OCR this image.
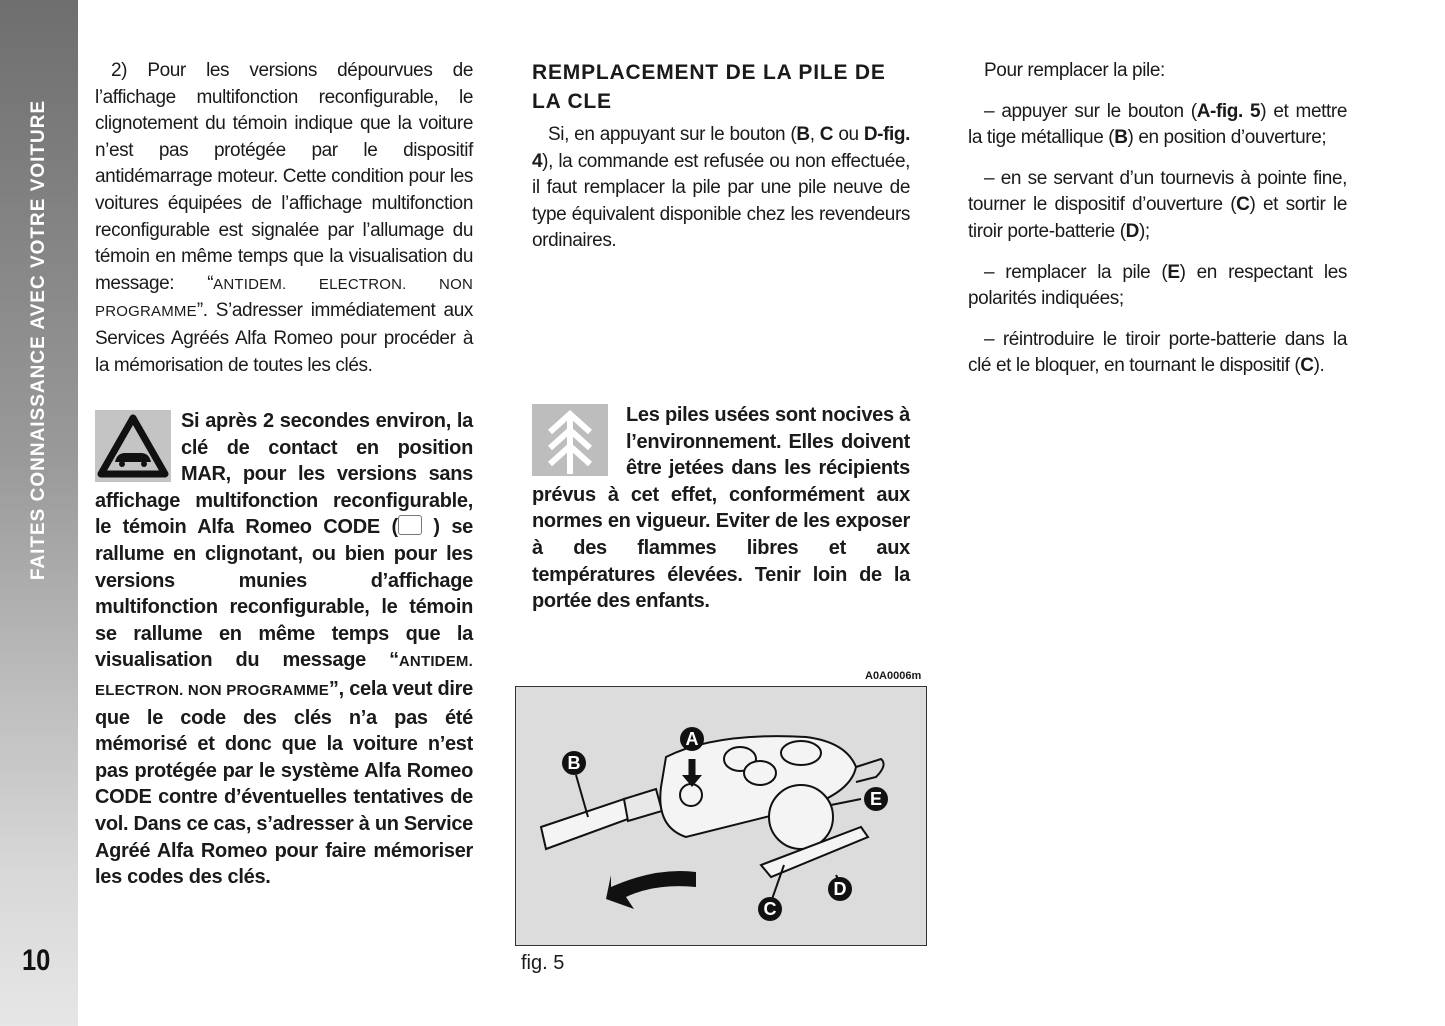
FAITES CONNAISSANCE AVEC VOTRE VOITURE
10

2) Pour les versions dépourvues de l’affichage multifonction reconfigurable, le clignotement du témoin indique que la voiture n’est pas protégée par le dispositif antidémarrage moteur. Cette condition pour les voitures équipées de l’affichage multifonction reconfigurable est signalée par l’allumage du témoin en même temps que la visualisation du message: “ANTIDEM. ELECTRON. NON PROGRAMME”. S’adresser immédiatement aux Services Agréés Alfa Romeo pour procéder à la mémorisation de toutes les clés.

Si après 2 secondes environ, la clé de contact en position MAR, pour les versions sans affichage multifonction reconfigurable, le témoin Alfa Romeo CODE ( ) se rallume en clignotant, ou bien pour les versions munies d’affichage multifonction reconfigurable, le témoin se rallume en même temps que la visualisation du message “ANTIDEM. ELECTRON. NON PROGRAMME”, cela veut dire que le code des clés n’a pas été mémorisé et donc que la voiture n’est pas protégée par le système Alfa Romeo CODE contre d’éventuelles tentatives de vol. Dans ce cas, s’adresser à un Service Agréé Alfa Romeo pour faire mémoriser les codes des clés.

REMPLACEMENT DE LA PILE DE LA CLE

Si, en appuyant sur le bouton (B, C ou D-fig. 4), la commande est refusée ou non effectuée, il faut remplacer la pile par une pile neuve de type équivalent disponible chez les revendeurs ordinaires.

Les piles usées sont nocives à l’environnement. Elles doivent être jetées dans les récipients prévus à cet effet, conformément aux normes en vigueur. Eviter de les exposer à des flammes libres et aux températures élevées. Tenir loin de la portée des enfants.
A0A0006m
A
B
C
D
E
fig. 5

Pour remplacer la pile:

– appuyer sur le bouton (A-fig. 5) et mettre la tige métallique (B) en position d’ouverture;

– en se servant d’un tournevis à pointe fine, tourner le dispositif d’ouverture (C) et sortir le tiroir porte-batterie (D);

– remplacer la pile (E) en respectant les polarités indiquées;

– réintroduire le tiroir porte-batterie dans la clé et le bloquer, en tournant le dispositif (C).
